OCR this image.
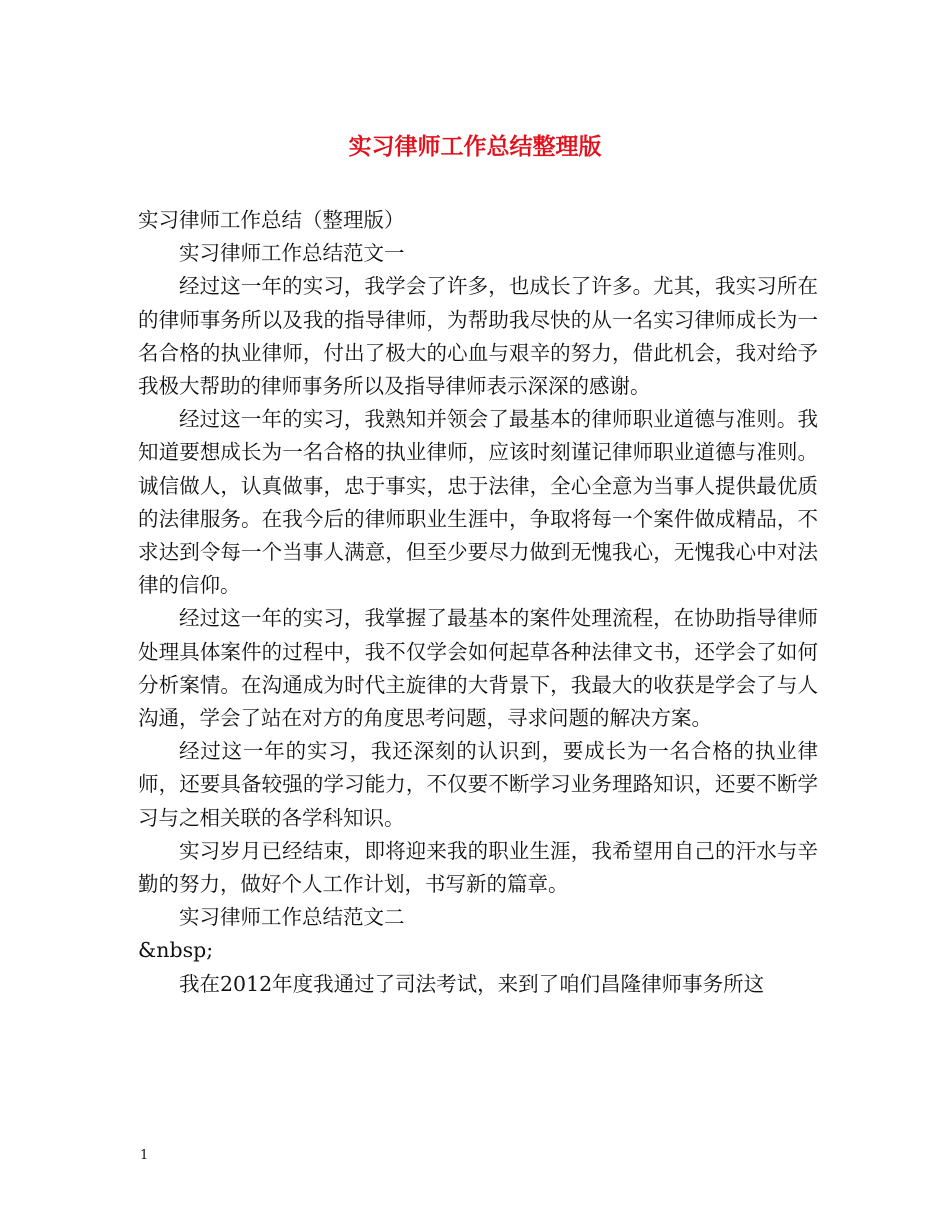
实习律师工作总结整理版

实习律师工作总结（整理版）

实习律师工作总结范文一

经过这一年的实习，我学会了许多，也成长了许多。尤其，我实习所在的律师事务所以及我的指导律师，为帮助我尽快的从一名实习律师成长为一名合格的执业律师，付出了极大的心血与艰辛的努力，借此机会，我对给予我极大帮助的律师事务所以及指导律师表示深深的感谢。

经过这一年的实习，我熟知并领会了最基本的律师职业道德与准则。我知道要想成长为一名合格的执业律师，应该时刻谨记律师职业道德与准则。诚信做人，认真做事，忠于事实，忠于法律，全心全意为当事人提供最优质的法律服务。在我今后的律师职业生涯中，争取将每一个案件做成精品，不求达到令每一个当事人满意，但至少要尽力做到无愧我心，无愧我心中对法律的信仰。

经过这一年的实习，我掌握了最基本的案件处理流程，在协助指导律师处理具体案件的过程中，我不仅学会如何起草各种法律文书，还学会了如何分析案情。在沟通成为时代主旋律的大背景下，我最大的收获是学会了与人沟通，学会了站在对方的角度思考问题，寻求问题的解决方案。

经过这一年的实习，我还深刻的认识到，要成长为一名合格的执业律师，还要具备较强的学习能力，不仅要不断学习业务理路知识，还要不断学习与之相关联的各学科知识。

实习岁月已经结束，即将迎来我的职业生涯，我希望用自己的汗水与辛勤的努力，做好个人工作计划，书写新的篇章。

实习律师工作总结范文二

&nbsp;

我在2012年度我通过了司法考试，来到了咱们昌隆律师事务所这

1
